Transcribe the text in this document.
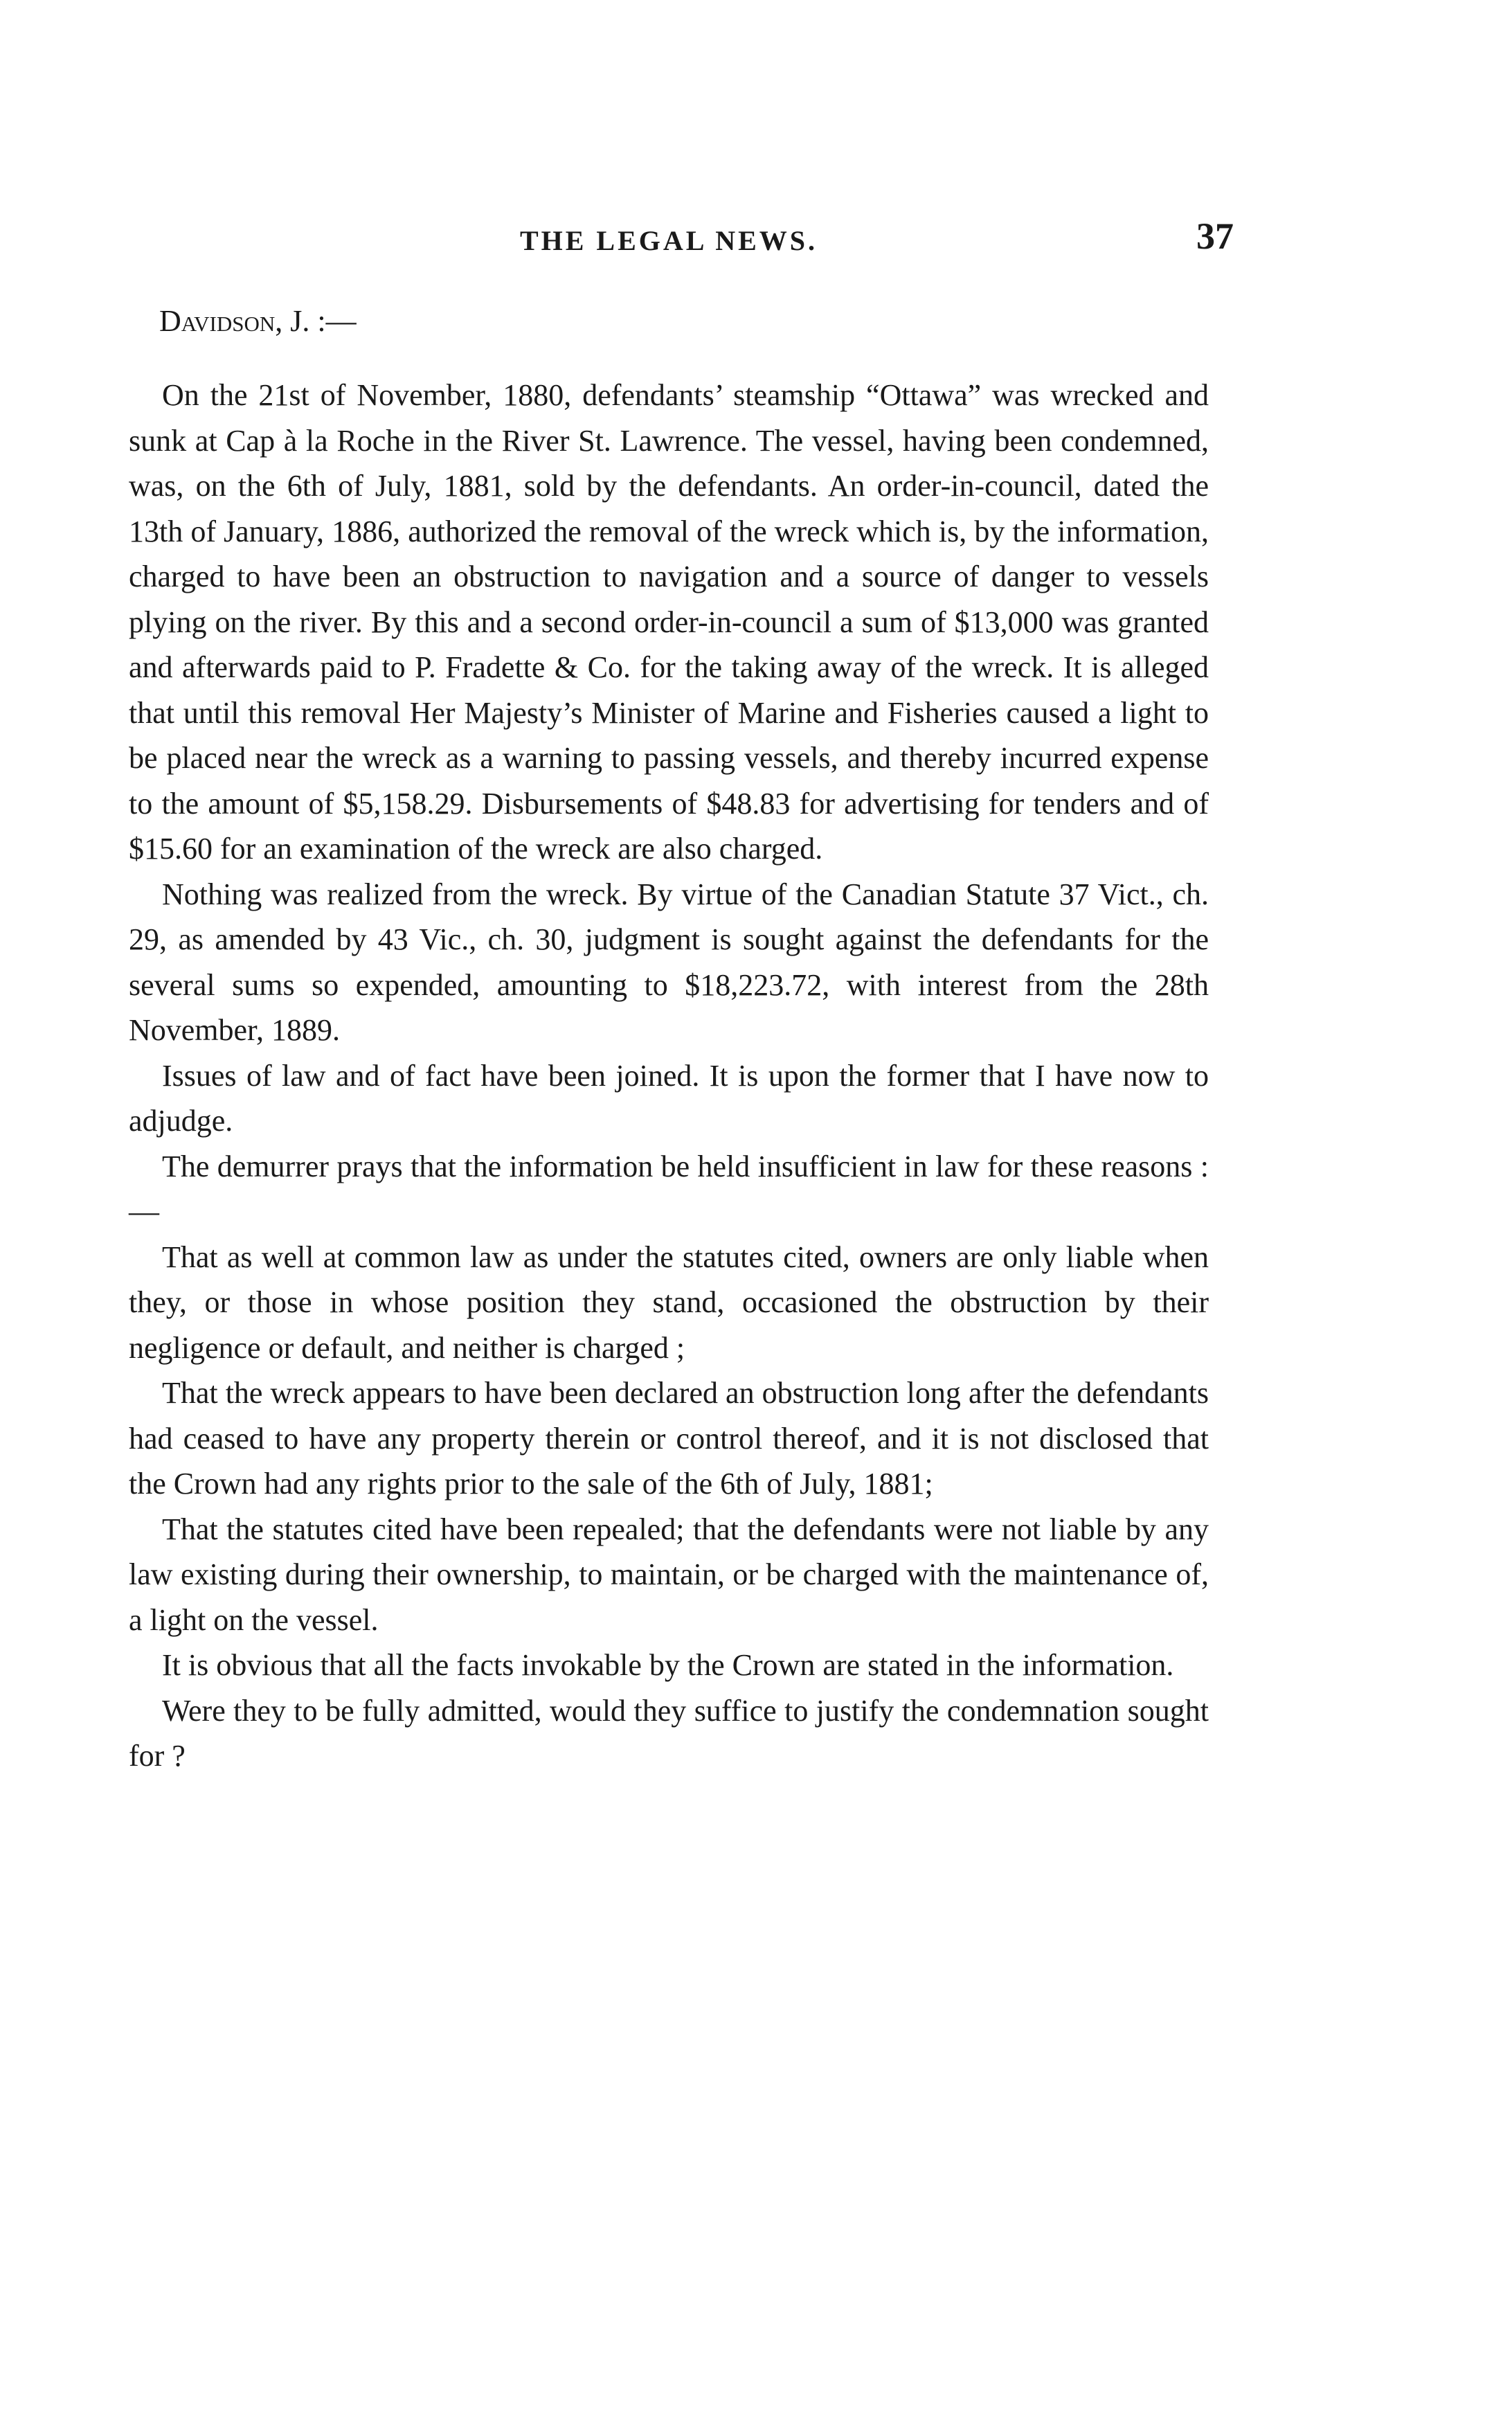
THE LEGAL NEWS.	37
Davidson, J. :—

On the 21st of November, 1880, defendants’ steamship “Ottawa” was wrecked and sunk at Cap à la Roche in the River St. Lawrence. The vessel, having been condemned, was, on the 6th of July, 1881, sold by the defendants. An order-in-council, dated the 13th of January, 1886, authorized the removal of the wreck which is, by the information, charged to have been an obstruction to navigation and a source of danger to vessels plying on the river. By this and a second order-in-council a sum of $13,000 was granted and afterwards paid to P. Fradette & Co. for the taking away of the wreck. It is alleged that until this removal Her Majesty’s Minister of Marine and Fisheries caused a light to be placed near the wreck as a warning to passing vessels, and thereby incurred expense to the amount of $5,158.29. Disbursements of $48.83 for advertising for tenders and of $15.60 for an examination of the wreck are also charged.

Nothing was realized from the wreck. By virtue of the Canadian Statute 37 Vict., ch. 29, as amended by 43 Vic., ch. 30, judgment is sought against the defendants for the several sums so expended, amounting to $18,223.72, with interest from the 28th November, 1889.

Issues of law and of fact have been joined. It is upon the former that I have now to adjudge.

The demurrer prays that the information be held insufficient in law for these reasons :—

That as well at common law as under the statutes cited, owners are only liable when they, or those in whose position they stand, occasioned the obstruction by their negligence or default, and neither is charged ;

That the wreck appears to have been declared an obstruction long after the defendants had ceased to have any property therein or control thereof, and it is not disclosed that the Crown had any rights prior to the sale of the 6th of July, 1881;

That the statutes cited have been repealed; that the defendants were not liable by any law existing during their ownership, to maintain, or be charged with the maintenance of, a light on the vessel.

It is obvious that all the facts invokable by the Crown are stated in the information.

Were they to be fully admitted, would they suffice to justify the condemnation sought for ?
